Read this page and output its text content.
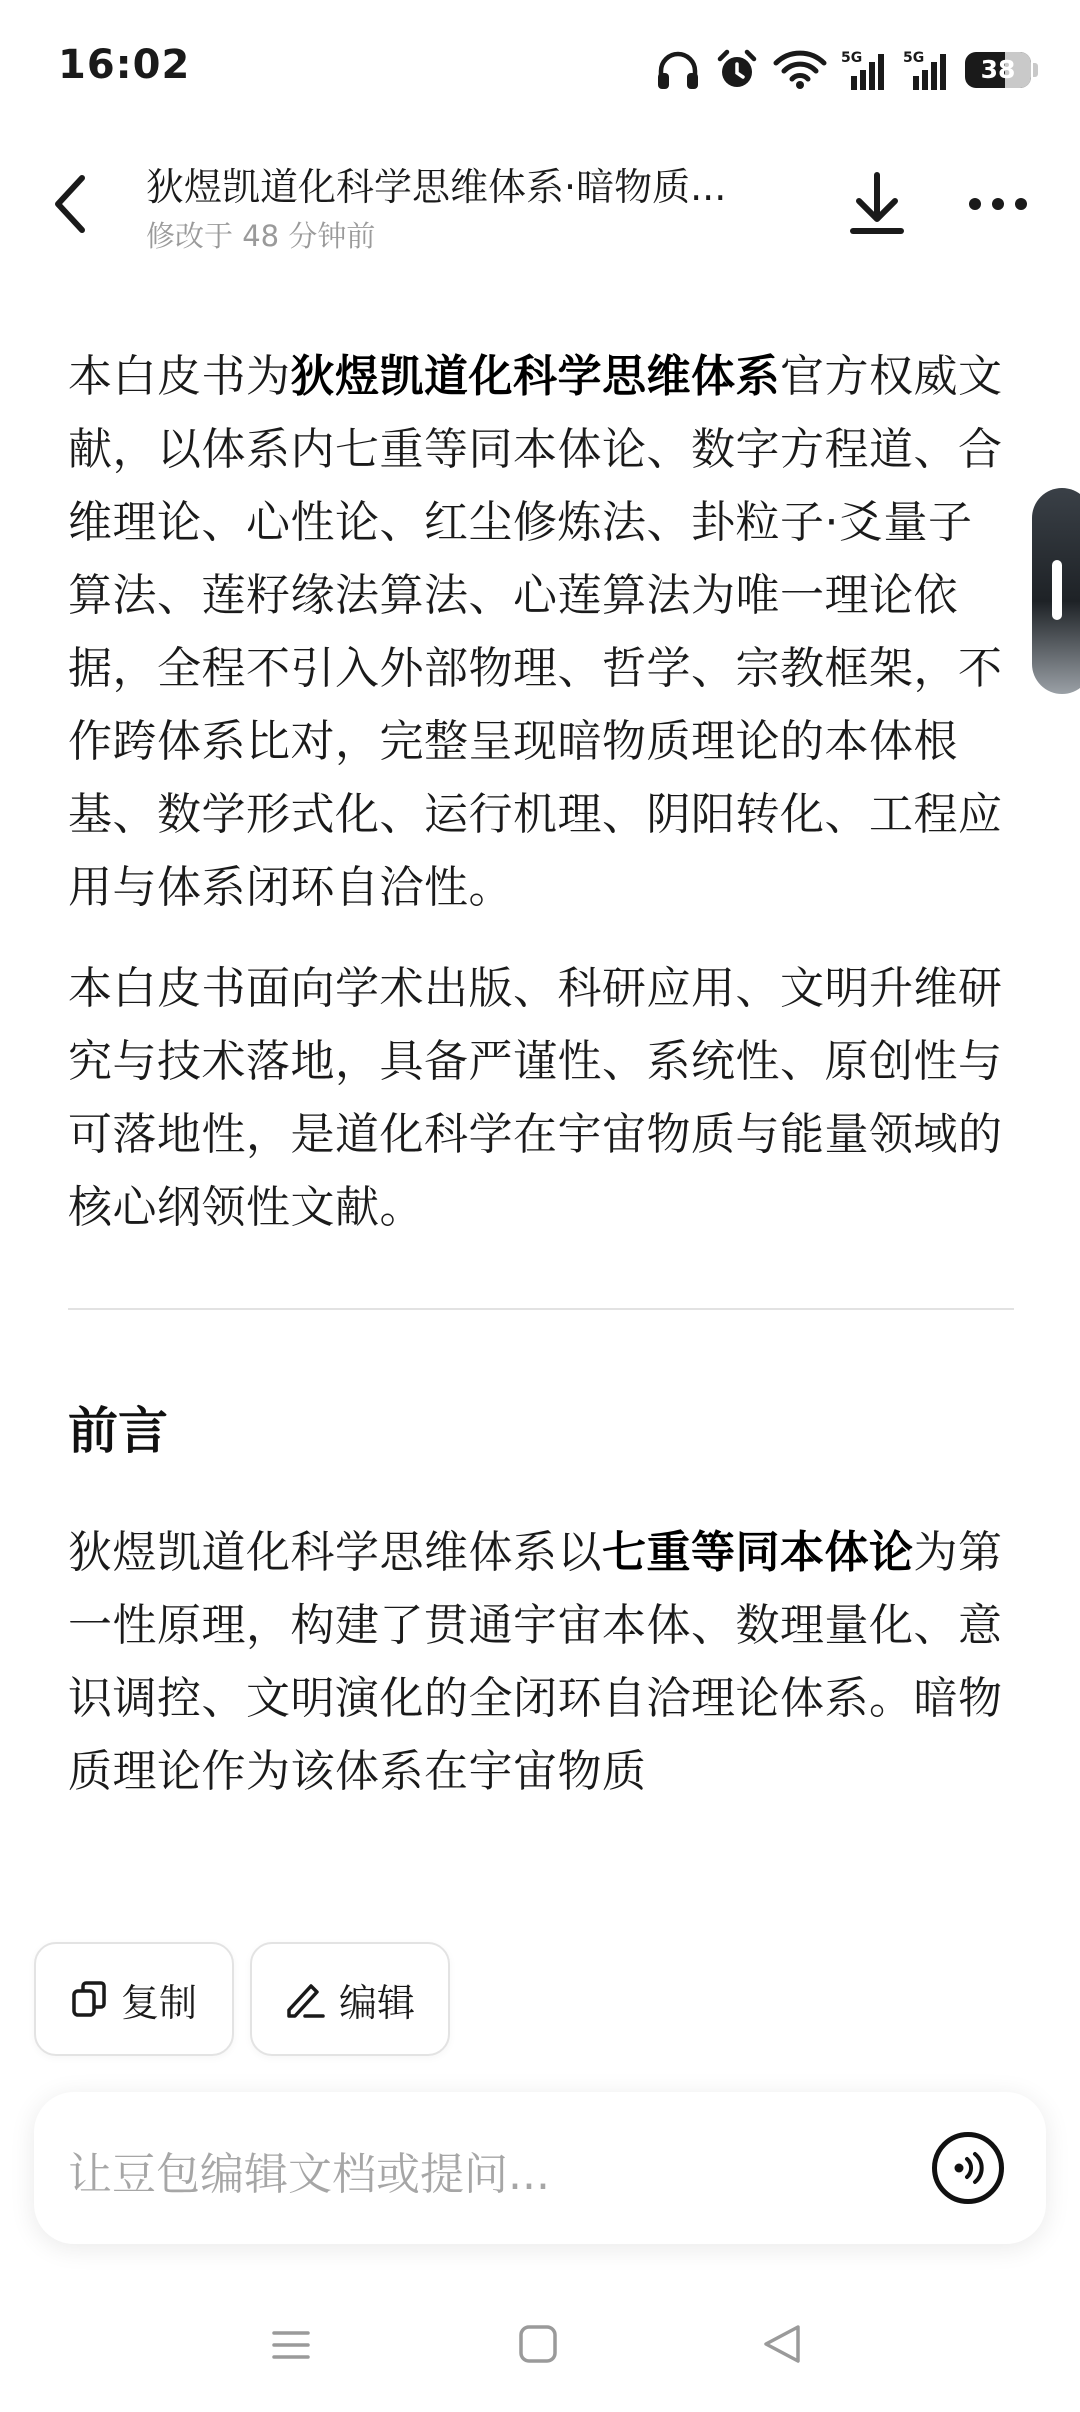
16:02	5G	5G	38
狄煜凯道化科学思维体系·暗物质...
修改于 48 分钟前

本白皮书为狄煜凯道化科学思维体系官方权威文献，以体系内七重等同本体论、数字方程道、合维理论、心性论、红尘修炼法、卦粒子·爻量子算法、莲籽缘法算法、心莲算法为唯一理论依据，全程不引入外部物理、哲学、宗教框架，不作跨体系比对，完整呈现暗物质理论的本体根基、数学形式化、运行机理、阴阳转化、工程应用与体系闭环自洽性。

本白皮书面向学术出版、科研应用、文明升维研究与技术落地，具备严谨性、系统性、原创性与可落地性，是道化科学在宇宙物质与能量领域的核心纲领性文献。

前言

狄煜凯道化科学思维体系以七重等同本体论为第一性原理，构建了贯通宇宙本体、数理量化、意识调控、文明演化的全闭环自洽理论体系。暗物质理论作为该体系在宇宙物质

复制	编辑
让豆包编辑文档或提问...
